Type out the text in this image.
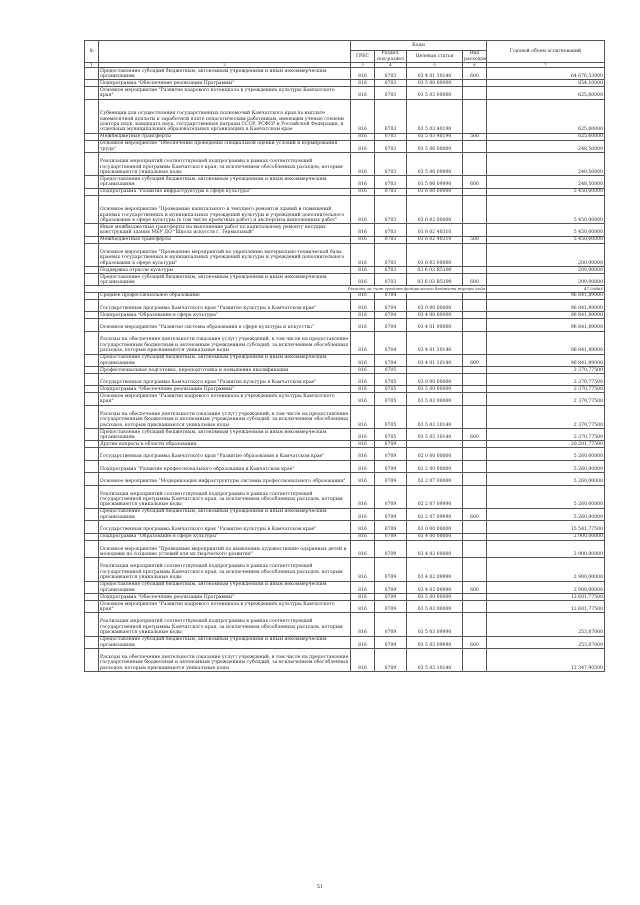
№		Коды				Годовой объем ассигнований
		ГРБС	Раздел, под-раздел	Целевая статья	Вид расходов	
1	2	3	4	5	6	7
	Предоставление субсидий бюджетным, автономным учреждениям и иным некоммерческим организациям	816	0703	03 4 01 10140	600	64 676,53000
	Подпрограмма "Обеспечение реализации Программы"	816	0703	03 5 00 00000		854,10000
	Основное мероприятие "Развитие кадрового потенциала в учреждениях культуры Камчатского края"	816	0703	03 5 03 00000		625,60000
	Субвенции для осуществления государственных полномочий Камчатского края по выплате ежемесячной доплаты к заработной плате педагогическим работникам, имеющим ученые степени доктора наук, кандидата наук, государственные награды СССР, РСФСР и Российской Федерации, в отдельных муниципальных образовательных организациях в Камчатском крае	816	0703	03 5 03 40190		625,60000
	Межбюджетные трансферты	816	0703	03 5 03 40190	500	625,60000
	Основное мероприятие "Обеспечение проведения специальной оценки условий и нормирования труда"	816	0703	03 5 06 00000		248,50000
	Реализация мероприятий соответствующей подпрограммы в рамках соответствующей государственной программы Камчатского края, за исключением обособленных расходов, которым присваиваются уникальные коды	816	0703	03 5 06 09990		248,50000
	Предоставление субсидий бюджетным, автономным учреждениям и иным некоммерческим организациям	816	0703	03 5 06 09990	600	248,50000
	Подпрограмма "Развитие инфраструктуры в сфере культуры"	816	0703	03 6 00 00000		5 450,00000
	Основное мероприятие "Проведение капитального и текущего ремонтов зданий и помещений краевых государственных и муниципальных учреждений культуры и учреждений дополнительного образования в сфере культуры (в том числе проектных работ) и экспертиза выполненных работ"	816	0703	03 6 02 00000		5 450,00000
	Иные межбюджетные трансферты на выполнение работ по капитальному ремонту несущих конструкций здания МБУ ДО "Школа искусств г. Термальный"	816	0703	03 6 02 40310		5 450,00000
	Межбюджетные трансферты	816	0703	03 6 02 40310	500	5 450,00000
	Основное мероприятие "Проведение мероприятий по укреплению материально-технической базы краевых государственных и муниципальных учреждений культуры и учреждений дополнительного образования в сфере культуры"	816	0703	03 6 03 00000		200,00000
	Поддержка отрасли культуры	816	0703	03 6 03 R5190		200,00000
	Предоставление субсидий бюджетным, автономным учреждениям и иным некоммерческим организациям	816	0703	03 6 03 R5190	600	200,00000
Расходы за счет средств федерального бюджета внутри кода						47,59860
	Среднее профессиональное образование	816	0704			96 841,89000
	Государственная программа Камчатского края "Развитие культуры в Камчатском крае"	816	0704	03 0 00 00000		96 841,89000
	Подпрограмма "Образование в сфере культуры"	816	0704	03 4 00 00000		96 841,89000
	Основное мероприятие "Развитие системы образования в сфере культуры и искусства"	816	0704	03 4 01 00000		96 841,89000
	Расходы на обеспечение деятельности (оказание услуг) учреждений, в том числе на предоставление государственным бюджетным и автономным учреждениям субсидий, за исключением обособленных расходов, которым присваиваются уникальные коды	816	0704	03 4 01 10140		96 841,89000
	Предоставление субсидий бюджетным, автономным учреждениям и иным некоммерческим организациям	816	0704	03 4 01 10140	600	96 841,89000
	Профессиональная подготовка, переподготовка и повышение квалификации	816	0705			2 370,77500
	Государственная программа Камчатского края "Развитие культуры в Камчатском крае"	816	0705	03 0 00 00000		2 370,77500
	Подпрограмма "Обеспечение реализации Программы"	816	0705	03 5 00 00000		2 370,77500
	Основное мероприятие "Развитие кадрового потенциала в учреждениях культуры Камчатского края"	816	0705	03 5 03 00000		2 370,77500
	Расходы на обеспечение деятельности (оказание услуг) учреждений, в том числе на предоставление государственным бюджетным и автономным учреждениям субсидий, за исключением обособленных расходов, которым присваиваются уникальные коды	816	0705	03 5 03 10140		2 370,77500
	Предоставление субсидий бюджетным, автономным учреждениям и иным некоммерческим организациям	816	0705	03 5 03 10140	600	2 370,77500
	Другие вопросы в области образования	816	0709			20 201,77500
	Государственная программа Камчатского края "Развитие образования в Камчатском крае"	816	0709	02 0 00 00000		5 260,00000
	Подпрограмма "Развитие профессионального образования в Камчатском крае"	816	0709	02 2 00 00000		5 260,00000
	Основное мероприятие "Модернизация инфраструктуры системы профессионального образования"	816	0709	02 2 07 00000		5 260,00000
	Реализация мероприятий соответствующей подпрограммы в рамках соответствующей государственной программы Камчатского края, за исключением обособленных расходов, которым присваиваются уникальные коды	816	0709	02 2 07 09990		5 260,00000
	Предоставление субсидий бюджетным, автономным учреждениям и иным некоммерческим организациям	816	0709	02 2 07 09990	600	5 260,00000
	Государственная программа Камчатского края "Развитие культуры в Камчатском крае"	816	0709	03 0 00 00000		15 541,77500
	Подпрограмма "Образование в сфере культуры"	816	0709	03 4 00 00000		2 900,00000
	Основное мероприятие "Проведение мероприятий по выявлению художественно одаренных детей и молодежи по созданию условий для их творческого развития"	816	0709	03 4 02 00000		2 900,00000
	Реализация мероприятий соответствующей подпрограммы в рамках соответствующей государственной программы Камчатского края, за исключением обособленных расходов, которым присваиваются уникальные коды	816	0709	03 4 02 09990		2 900,00000
	Предоставление субсидий бюджетным, автономным учреждениям и иным некоммерческим организациям	816	0709	03 4 02 09990	600	2 900,00000
	Подпрограмма "Обеспечение реализации Программы"	816	0709	03 5 00 00000		12 601,77500
	Основное мероприятие "Развитие кадрового потенциала в учреждениях культуры Камчатского края"	816	0709	03 5 03 00000		12 601,77500
	Реализация мероприятий соответствующей подпрограммы в рамках соответствующей государственной программы Камчатского края, за исключением обособленных расходов, которым присваиваются уникальные коды	816	0709	03 5 03 09990		253,87000
	Предоставление субсидий бюджетным, автономным учреждениям и иным некоммерческим организациям	816	0709	03 5 03 09990	600	253,87000
	Расходы на обеспечение деятельности (оказание услуг) учреждений, в том числе на предоставление государственным бюджетным и автономным учреждениям субсидий, за исключением обособленных расходов, которым присваиваются уникальные коды	816	0709	03 5 03 10140		12 347,90500
51
